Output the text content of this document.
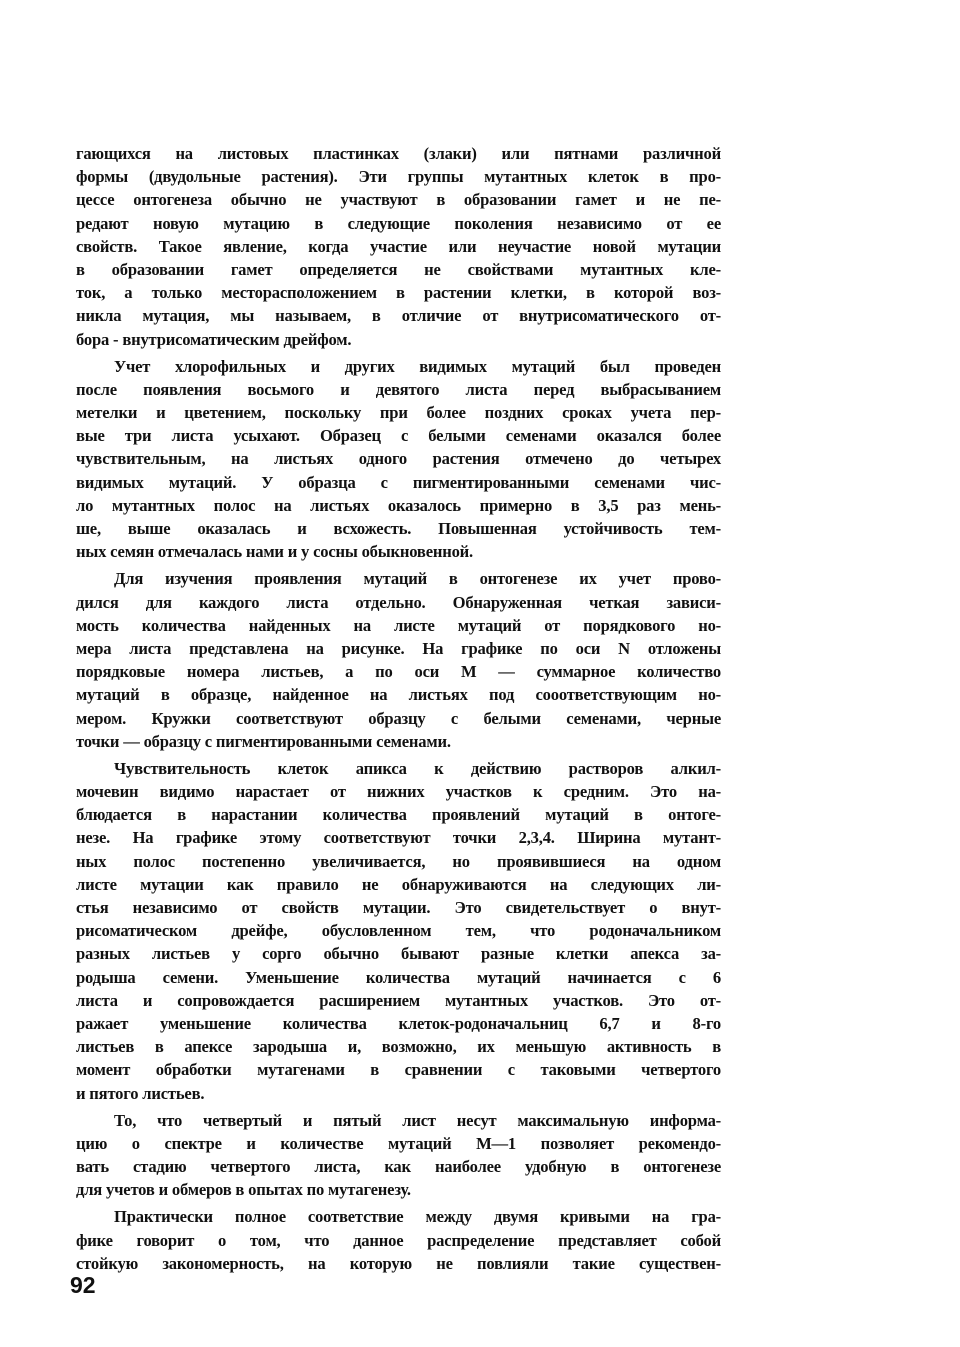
гающихся на листовых пластинках (злаки) или пятнами различной
формы (двудольные растения). Эти группы мутантных клеток в про-
цессе онтогенеза обычно не участвуют в образовании гамет и не пе-
редают новую мутацию в следующие поколения независимо от ее
свойств. Такое явление, когда участие или неучастие новой мутации
в образовании гамет определяется не свойствами мутантных кле-
ток, а только месторасположением в растении клетки, в которой воз-
никла мутация, мы называем, в отличие от внутрисоматического от-
бора - внутрисоматическим дрейфом.
Учет хлорофильных и других видимых мутаций был проведен
после появления восьмого и девятого листа перед выбрасыванием
метелки и цветением, поскольку при более поздних сроках учета пер-
вые три листа усыхают. Образец с белыми семенами оказался более
чувствительным, на листьях одного растения отмечено до четырех
видимых мутаций. У образца с пигментированными семенами чис-
ло мутантных полос на листьях оказалось примерно в 3,5 раз мень-
ше, выше оказалась и всхожесть. Повышенная устойчивость тем-
ных семян отмечалась нами и у сосны обыкновенной.
Для изучения проявления мутаций в онтогенезе их учет прово-
дился для каждого листа отдельно. Обнаруженная четкая зависи-
мость количества найденных на листе мутаций от порядкового но-
мера листа представлена на рисунке. На графике по оси N отложены
порядковые номера листьев, а по оси М — суммарное количество
мутаций в образце, найденное на листьях под сооответствующим но-
мером. Кружки соответствуют образцу с белыми семенами, черные
точки — образцу с пигментированными семенами.
Чувствительность клеток апикса к действию растворов алкил-
мочевин видимо нарастает от нижних участков к средним. Это на-
блюдается в нарастании количества проявлений мутаций в онтоге-
незе. На графике этому соответствуют точки 2,3,4. Ширина мутант-
ных полос постепенно увеличивается, но проявившиеся на одном
листе мутации как правило не обнаруживаются на следующих ли-
стья независимо от свойств мутации. Это свидетельствует о внут-
рисоматическом дрейфе, обусловленном тем, что родоначальником
разных листьев у сорго обычно бывают разные клетки апекса за-
родыша семени. Уменьшение количества мутаций начинается с 6
листа и сопровождается расширением мутантных участков. Это от-
ражает уменьшение количества клеток-родоначальниц 6,7 и 8-го
листьев в апексе зародыша и, возможно, их меньшую активность в
момент обработки мутагенами в сравнении с таковыми четвертого
и пятого листьев.
То, что четвертый и пятый лист несут максимальную информа-
цию о спектре и количестве мутаций М—1 позволяет рекомендо-
вать стадию четвертого листа, как наиболее удобную в онтогенезе
для учетов и обмеров в опытах по мутагенезу.
Практически полное соответствие между двумя кривыми на гра-
фике говорит о том, что данное распределение представляет собой
стойкую закономерность, на которую не повлияли такие существен-
92
